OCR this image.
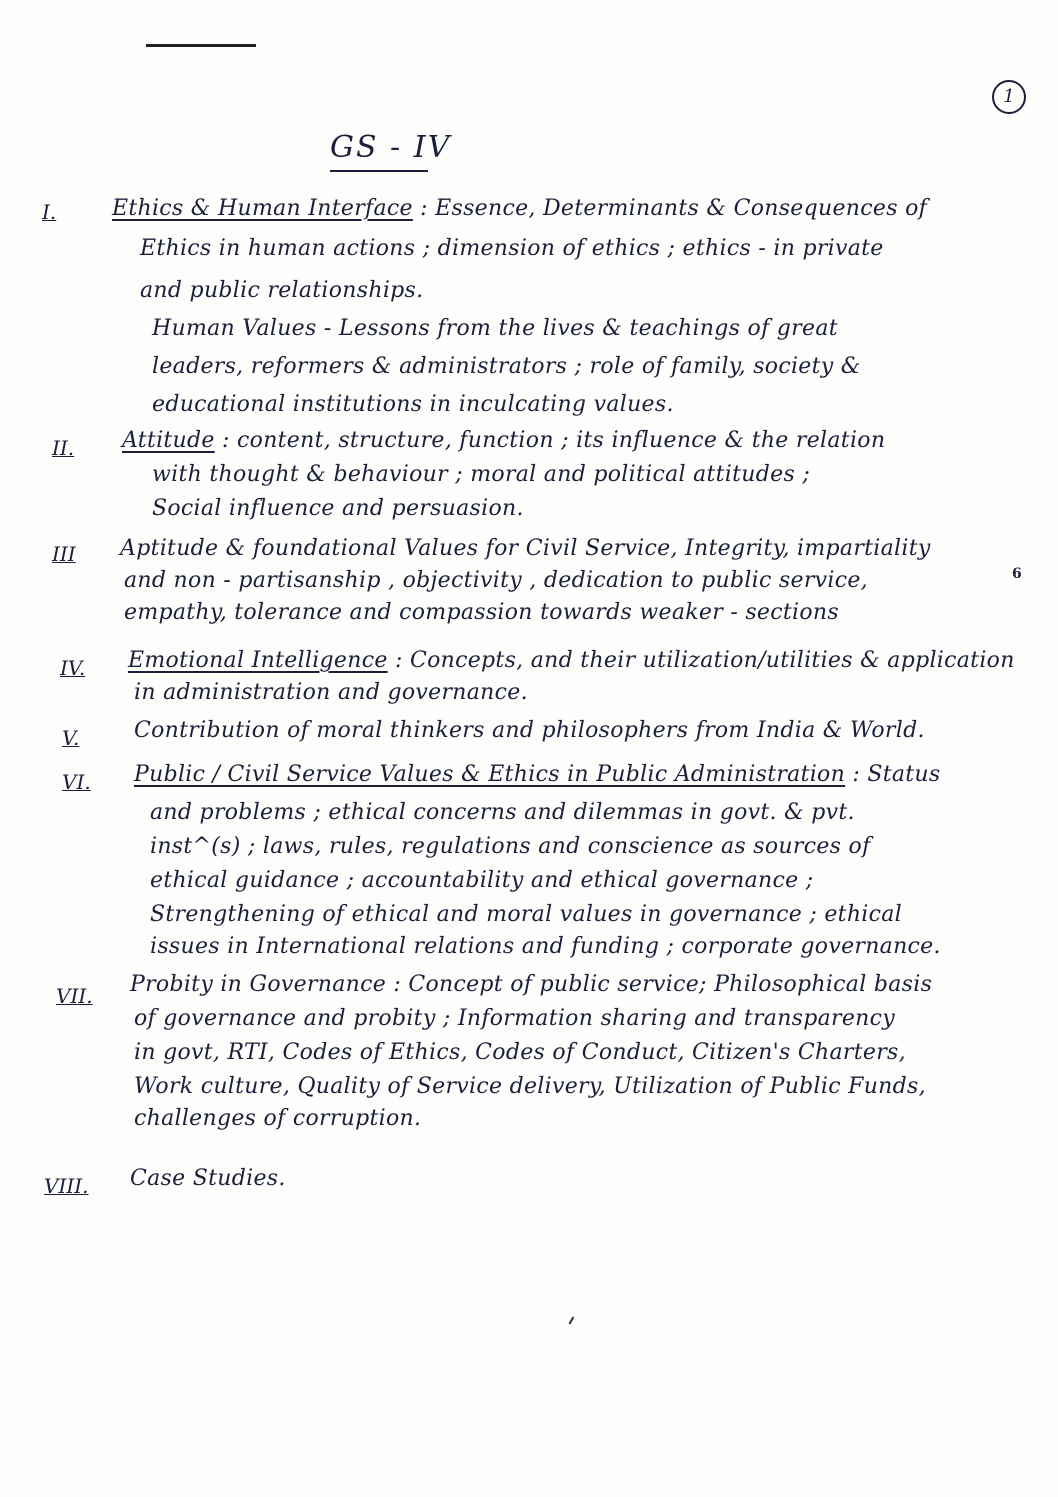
1
GS - IV
I.	Ethics & Human Interface : Essence, Determinants & Consequences of
Ethics in human actions ; dimension of ethics ; ethics - in private
and public relationships.
Human Values - Lessons from the lives & teachings of great
leaders, reformers & administrators ; role of family, society &
educational institutions in inculcating values.
II. Attitude : content, structure, function ; its influence & the relation
with thought & behaviour ; moral and political attitudes ;
Social influence and persuasion.
III Aptitude & foundational Values for Civil Service, Integrity, impartiality
and non - partisanship , objectivity , dedication to public service,
empathy, tolerance and compassion towards weaker - sections
6
IV. Emotional Intelligence : Concepts, and their utilization/utilities & application
in administration and governance.
V. Contribution of moral thinkers and philosophers from India & World.
VI. Public / Civil Service Values & Ethics in Public Administration : Status
and problems ; ethical concerns and dilemmas in govt. & pvt.
inst^(s) ; laws, rules, regulations and conscience as sources of
ethical guidance ; accountability and ethical governance ;
Strengthening of ethical and moral values in governance ; ethical
issues in International relations and funding ; corporate governance.
VII. Probity in Governance : Concept of public service; Philosophical basis
of governance and probity ; Information sharing and transparency
in govt, RTI, Codes of Ethics, Codes of Conduct, Citizen's Charters,
Work culture, Quality of Service delivery, Utilization of Public Funds,
challenges of corruption.
VIII. Case Studies.
